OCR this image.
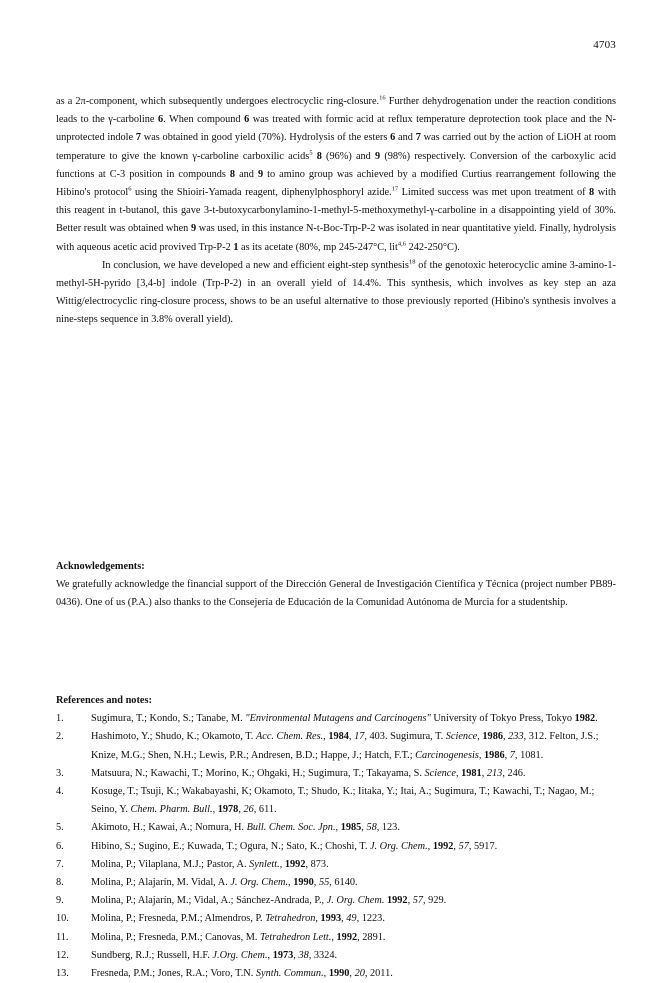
4703

as a 2π-component, which subsequently undergoes electrocyclic ring-closure.$^{16}$ Further dehydrogenation under the reaction conditions leads to the γ-carboline 6. When compound 6 was treated with formic acid at reflux temperature deprotection took place and the N-unprotected indole 7 was obtained in good yield (70%). Hydrolysis of the esters 6 and 7 was carried out by the action of LiOH at room temperature to give the known γ-carboline carboxilic acids$^5$ 8 (96%) and 9 (98%) respectively. Conversion of the carboxylic acid functions at C-3 position in compounds 8 and 9 to amino group was achieved by a modified Curtius rearrangement following the Hibino's protocol$^6$ using the Shioiri-Yamada reagent, diphenylphosphoryl azide.$^{17}$ Limited success was met upon treatment of 8 with this reagent in t-butanol, this gave 3-t-butoxycarbonylamino-1-methyl-5-methoxymethyl-γ-carboline in a disappointing yield of 30%. Better result was obtained when 9 was used, in this instance N-t-Boc-Trp-P-2 was isolated in near quantitative yield. Finally, hydrolysis with aqueous acetic acid provived Trp-P-2 1 as its acetate (80%, mp 245-247°C, lit$^{4,6}$ 242-250°C).

In conclusion, we have developed a new and efficient eight-step synthesis$^{18}$ of the genotoxic heterocyclic amine 3-amino-1-methyl-5H-pyrido [3,4-b] indole (Trp-P-2) in an overall yield of 14.4%. This synthesis, which involves as key step an aza Wittig/electrocyclic ring-closure process, shows to be an useful alternative to those previously reported (Hibino's synthesis involves a nine-steps sequence in 3.8% overall yield).

Acknowledgements:

We gratefully acknowledge the financial support of the Dirección General de Investigación Científica y Técnica (project number PB89-0436). One of us (P.A.) also thanks to the Consejería de Educación de la Comunidad Autónoma de Murcia for a studentship.

References and notes:

1.	Sugimura, T.; Kondo, S.; Tanabe, M. "Environmental Mutagens and Carcinogens" University of Tokyo Press, Tokyo 1982.
2.	Hashimoto, Y.; Shudo, K.; Okamoto, T. Acc. Chem. Res., 1984, 17, 403. Sugimura, T. Science, 1986, 233, 312. Felton, J.S.; Knize, M.G.; Shen, N.H.; Lewis, P.R.; Andresen, B.D.; Happe, J.; Hatch, F.T.; Carcinogenesis, 1986, 7, 1081.
3.	Matsuura, N.; Kawachi, T.; Morino, K.; Ohgaki, H.; Sugimura, T.; Takayama, S. Science, 1981, 213, 246.
4.	Kosuge, T.; Tsuji, K.; Wakabayashi, K; Okamoto, T.; Shudo, K.; Iitaka, Y.; Itai, A.; Sugimura, T.; Kawachi, T.; Nagao, M.; Seino, Y. Chem. Pharm. Bull., 1978, 26, 611.
5.	Akimoto, H.; Kawai, A.; Nomura, H. Bull. Chem. Soc. Jpn., 1985, 58, 123.
6.	Hibino, S.; Sugino, E.; Kuwada, T.; Ogura, N.; Sato, K.; Choshi, T. J. Org. Chem., 1992, 57, 5917.
7.	Molina, P.; Vilaplana, M.J.; Pastor, A. Synlett., 1992, 873.
8.	Molina, P.; Alajarín, M. Vidal, A. J. Org. Chem., 1990, 55, 6140.
9.	Molina, P.; Alajarín, M.; Vidal, A.; Sánchez-Andrada, P., J. Org. Chem. 1992, 57, 929.
10. Molina, P.; Fresneda, P.M.; Almendros, P. Tetrahedron, 1993, 49, 1223.
11. Molina, P.; Fresneda, P.M.; Canovas, M. Tetrahedron Lett., 1992, 2891.
12. Sundberg, R.J.; Russell, H.F. J.Org. Chem., 1973, 38, 3324.
13. Fresneda, P.M.; Jones, R.A.; Voro, T.N. Synth. Commun., 1990, 20, 2011.
